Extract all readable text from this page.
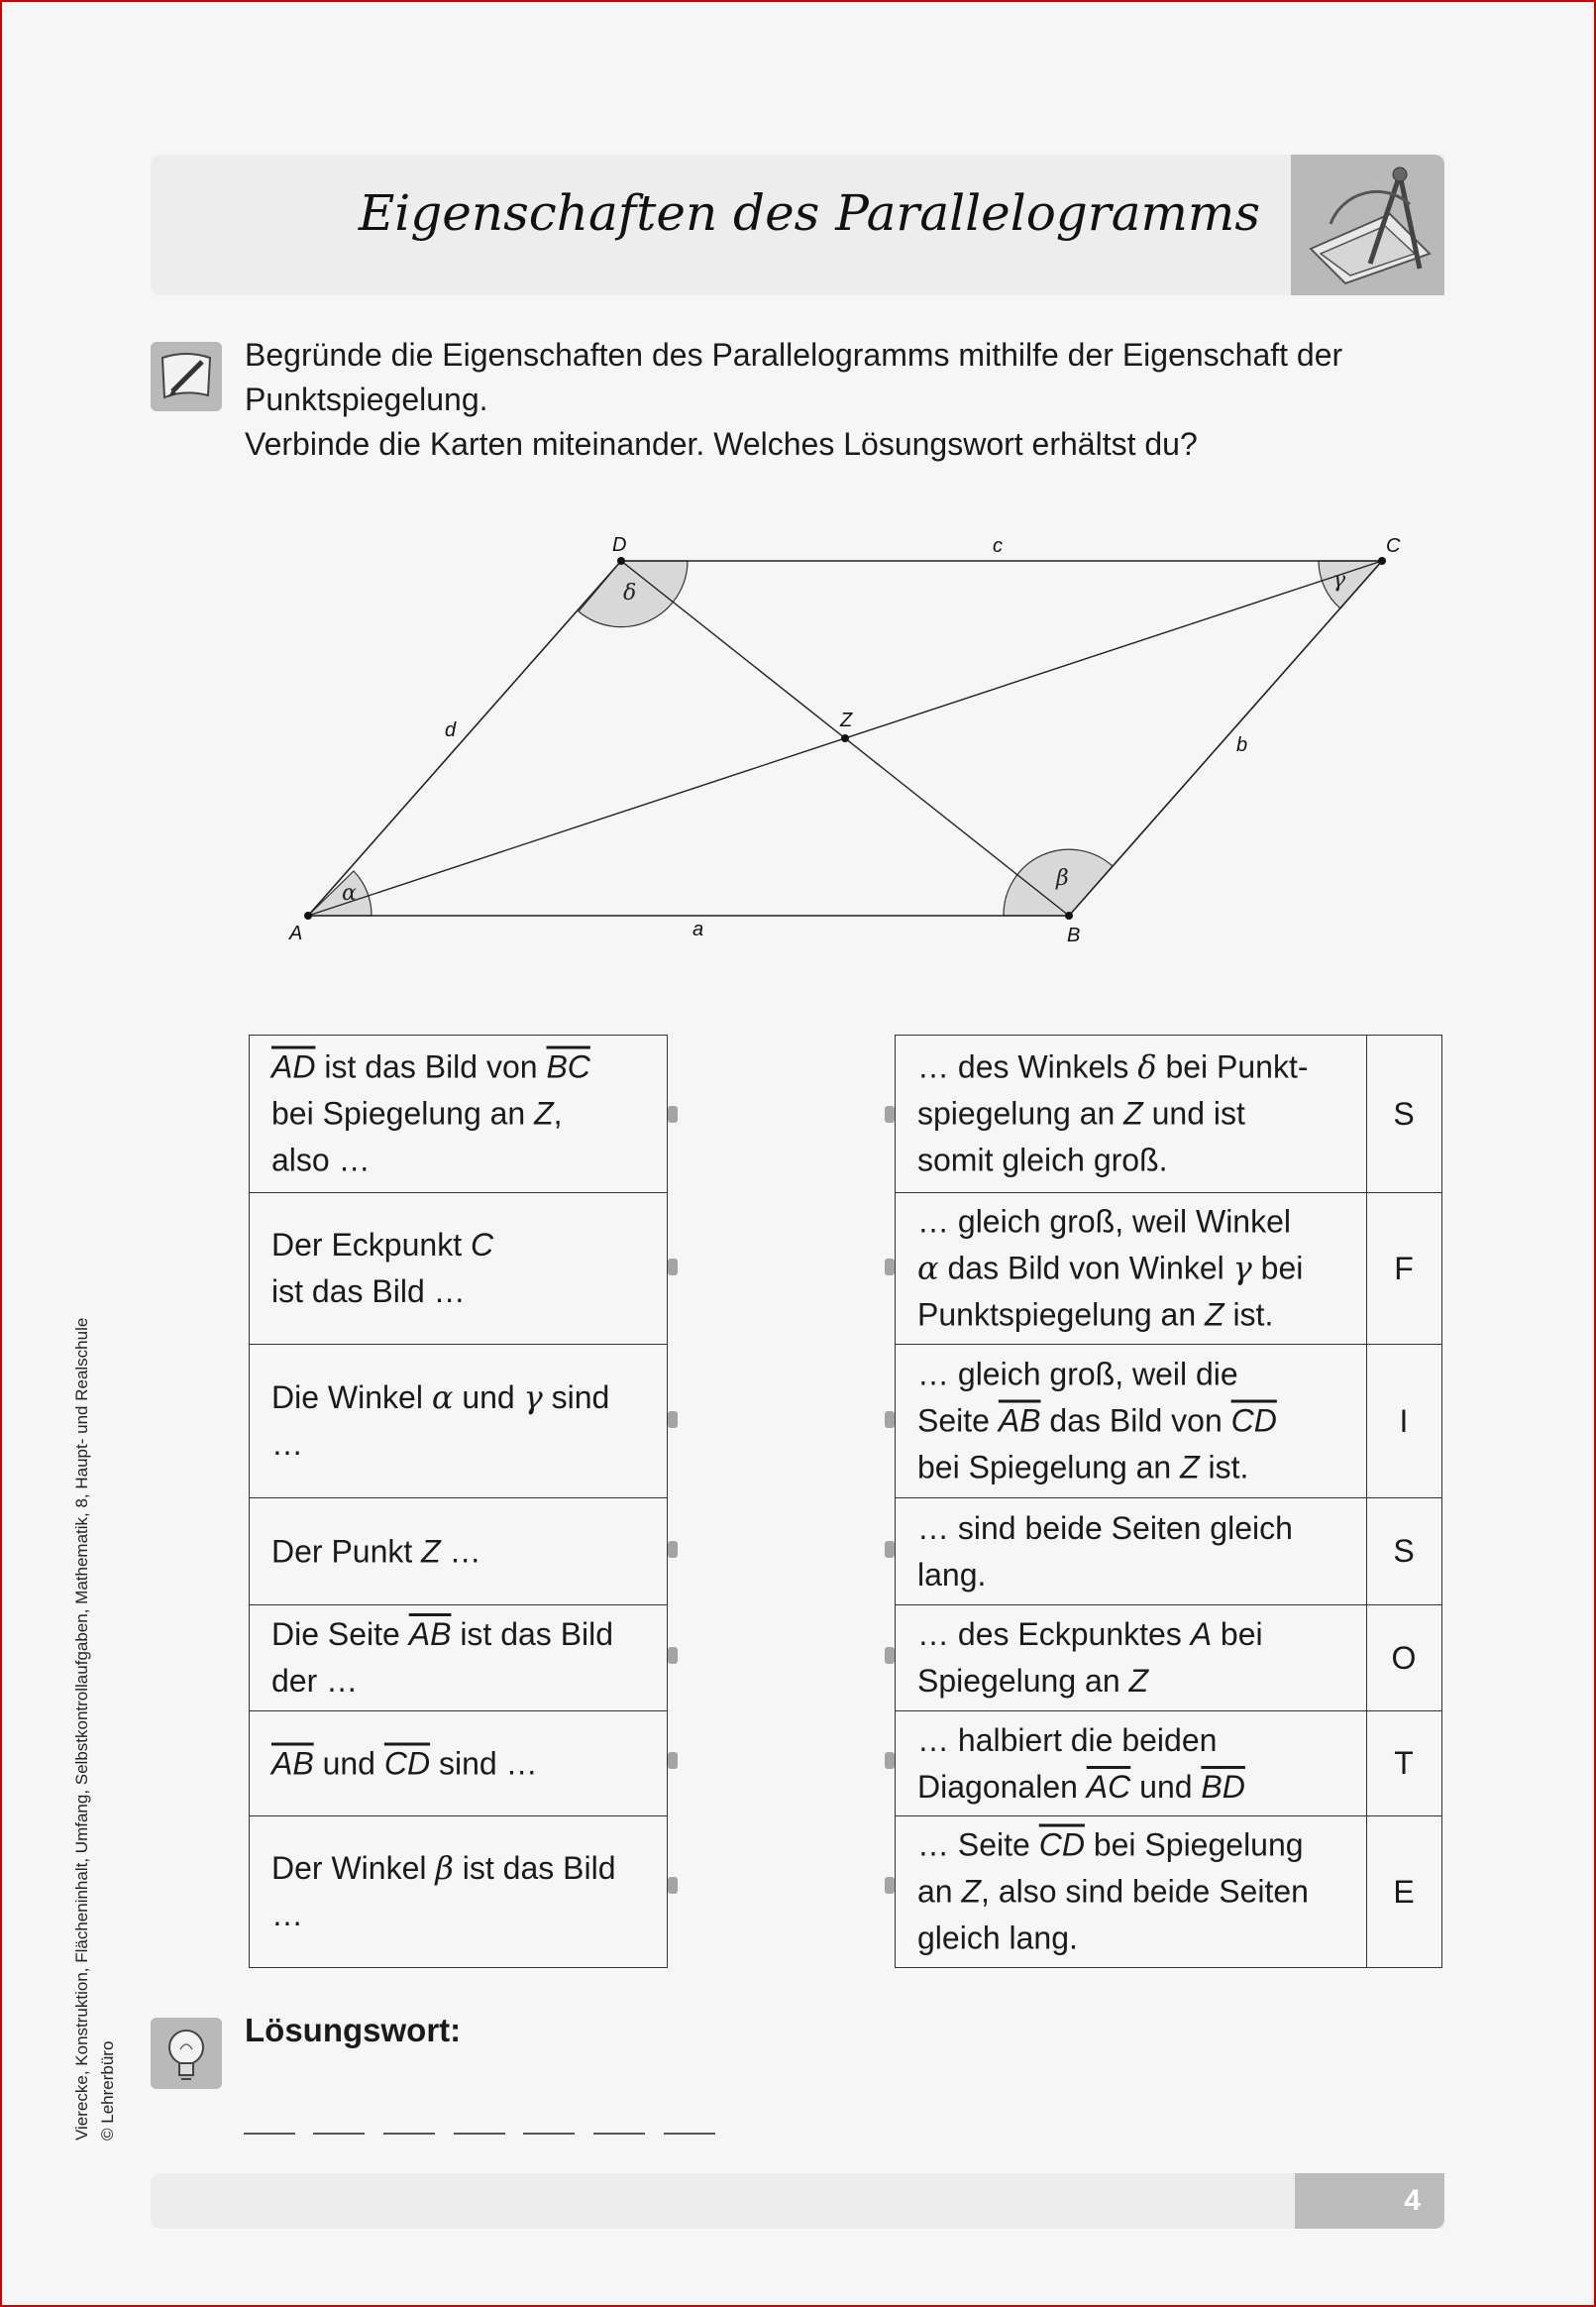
Eigenschaften des Parallelogramms
Begründe die Eigenschaften des Parallelogramms mithilfe der Eigenschaft der
Punktspiegelung.
Verbinde die Karten miteinander. Welches Lösungswort erhältst du?
A	B
C
D
Z
a
b
c
d
α
β
γ
δ
$\overline{AD}$ ist das Bild von $\overline{BC}$
bei Spiegelung an Z,
also …
Der Eckpunkt C
ist das Bild …
Die Winkel α und γ sind
…
Der Punkt Z …
Die Seite $\overline{AB}$ ist das Bild
der …
$\overline{AB}$ und $\overline{CD}$ sind …
Der Winkel β ist das Bild
…
… des Winkels δ bei Punkt-
spiegelung an Z und ist
somit gleich groß.
S
… gleich groß, weil Winkel
α das Bild von Winkel γ bei
Punktspiegelung an Z ist.
F
… gleich groß, weil die
Seite $\overline{AB}$ das Bild von $\overline{CD}$
bei Spiegelung an Z ist.
I
… sind beide Seiten gleich
lang.
S
… des Eckpunktes A bei
Spiegelung an Z
O
… halbiert die beiden
Diagonalen $\overline{AC}$ und $\overline{BD}$
T
… Seite $\overline{CD}$ bei Spiegelung
an Z, also sind beide Seiten
gleich lang.
E
Lösungswort:
4
Vierecke, Konstruktion, Flächeninhalt, Umfang, Selbstkontrollaufgaben, Mathematik, 8, Haupt- und Realschule © Lehrerbüro
